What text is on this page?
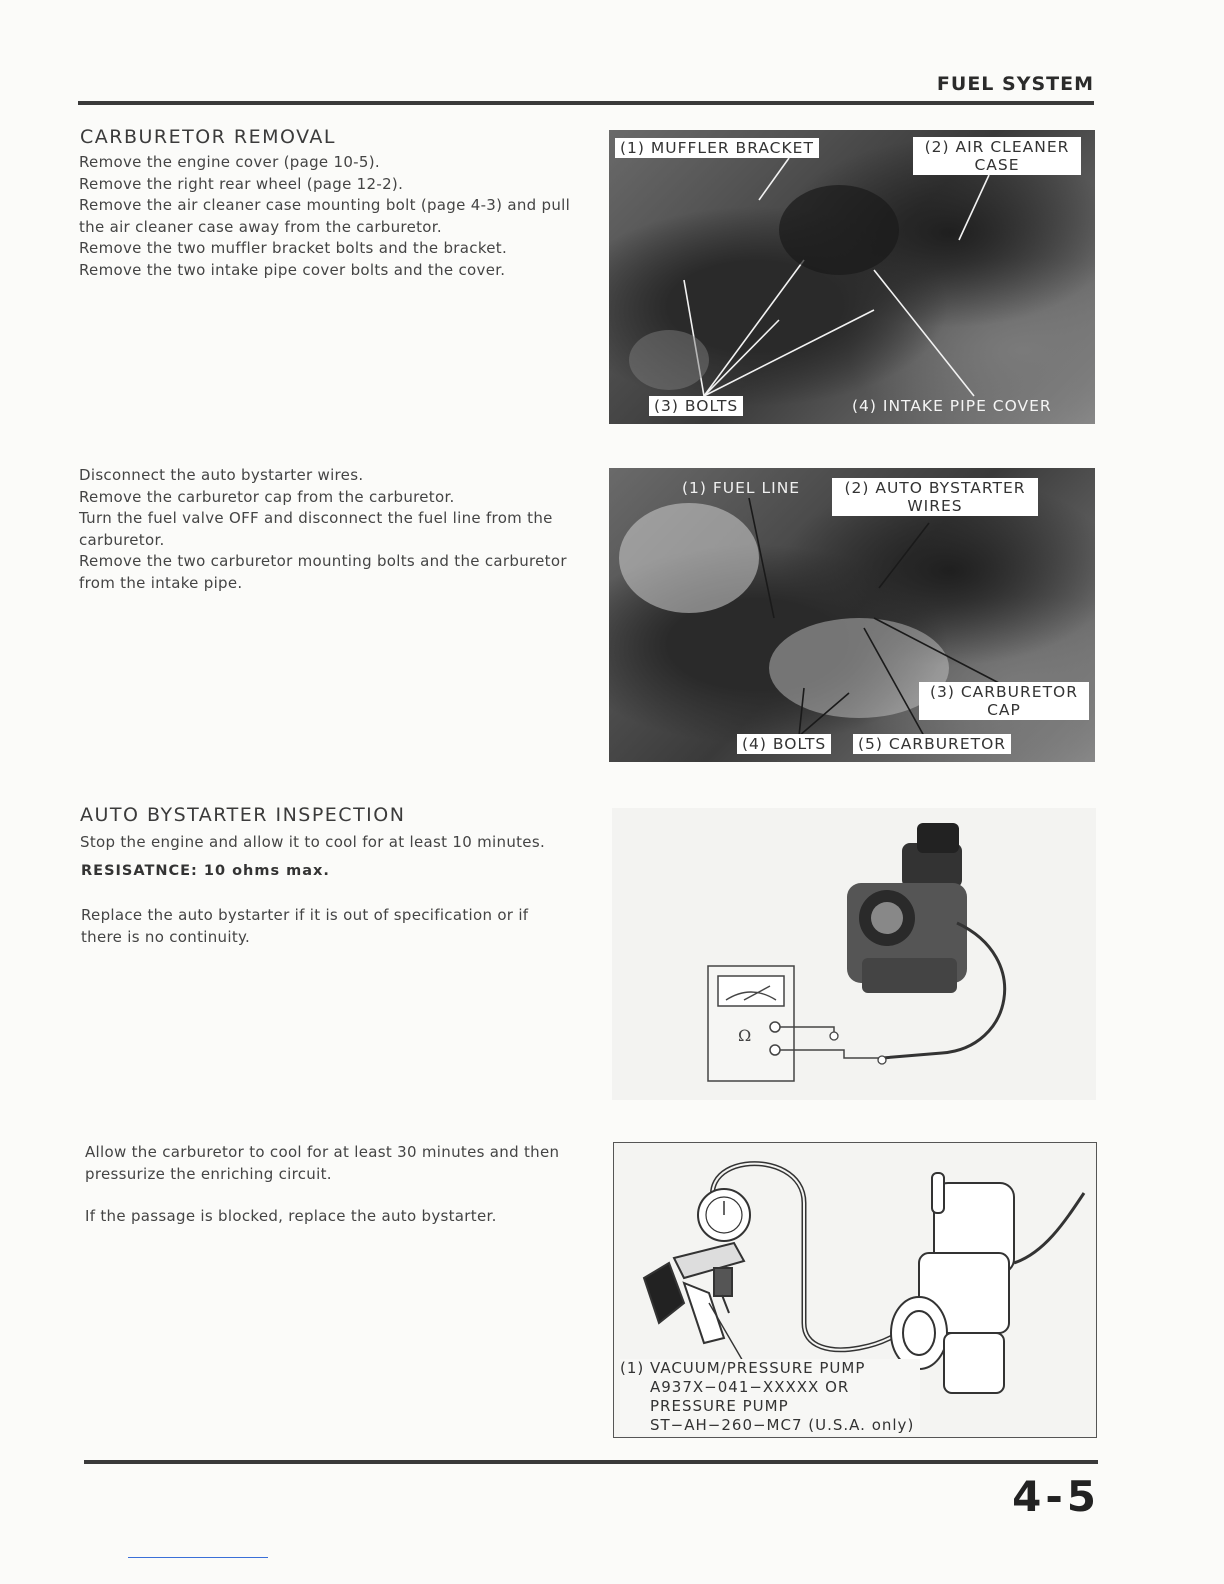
FUEL SYSTEM
CARBURETOR REMOVAL

Remove the engine cover (page 10-5).

Remove the right rear wheel (page 12-2).

Remove the air cleaner case mounting bolt (page 4-3) and pull

the air cleaner case away from the carburetor.

Remove the two muffler bracket bolts and the bracket.

Remove the two intake pipe cover bolts and the cover.

(1) MUFFLER BRACKET	(2) AIR CLEANER
CASE
(3) BOLTS	(4) INTAKE PIPE COVER

Disconnect the auto bystarter wires.

Remove the carburetor cap from the carburetor.

Turn the fuel valve OFF and disconnect the fuel line from the

carburetor.

Remove the two carburetor mounting bolts and the carburetor

from the intake pipe.

(1) FUEL LINE	(2) AUTO BYSTARTER
WIRES
(3) CARBURETOR
CAP
(4) BOLTS	(5) CARBURETOR
AUTO BYSTARTER INSPECTION
Stop the engine and allow it to cool for at least 10 minutes.
RESISATNCE: 10 ohms max.

Replace the auto bystarter if it is out of specification or if

there is no continuity.

Ω

Allow the carburetor to cool for at least 30 minutes and then

pressurize the enriching circuit.

If the passage is blocked, replace the auto bystarter.
(1) VACUUM/PRESSURE PUMP
A937X−041−XXXXX OR
PRESSURE PUMP
ST−AH−260−MC7 (U.S.A. only)
4-5
